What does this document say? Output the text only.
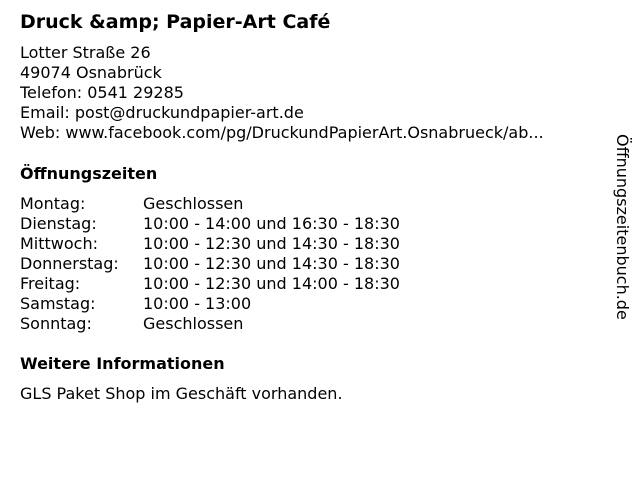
Druck &amp; Papier-Art Café
Lotter Straße 26
49074 Osnabrück
Telefon: 0541 29285
Email: post@druckundpapier-art.de
Web: www.facebook.com/pg/DruckundPapierArt.Osnabrueck/ab...
Öffnungszeiten
Montag:	Geschlossen
Dienstag:	10:00 - 14:00 und 16:30 - 18:30
Mittwoch:	10:00 - 12:30 und 14:30 - 18:30
Donnerstag:	10:00 - 12:30 und 14:30 - 18:30
Freitag:	10:00 - 12:30 und 14:00 - 18:30
Samstag:	10:00 - 13:00
Sonntag:	Geschlossen
Weitere Informationen
GLS Paket Shop im Geschäft vorhanden.
Öffnungszeitenbuch.de
